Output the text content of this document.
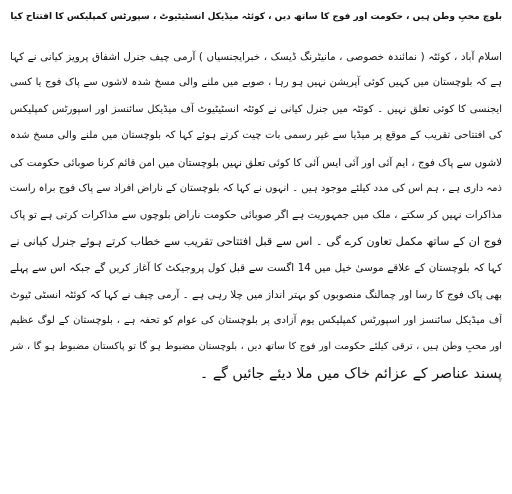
بلوچ محبِ وطن ہیں ، حکومت اور فوج کا ساتھ دیں ، کوئٹہ میڈیکل انسٹیٹیوٹ ، سپورٹس کمپلیکس کا افتتاح کیا
اسلام آباد ، کوئٹہ ( نمائندہ خصوصی ، مانیٹرنگ ڈیسک ، خبرایجنسیاں ) آرمی چیف جنرل اشفاق پرویز کیانی نے کہا
ہے کہ بلوچستان میں کہیں کوئی آپریشن نہیں ہو رہا ، صوبے میں ملنے والی مسخ شدہ لاشوں سے پاک فوج یا کسی
ایجنسی کا کوئی تعلق نہیں ۔ کوئٹہ میں جنرل کیانی نے کوئٹہ انسٹیٹیوٹ آف میڈیکل سائنسز اور اسپورٹس کمپلیکس
کی افتتاحی تقریب کے موقع پر میڈیا سے غیر رسمی بات چیت کرتے ہوئے کہا کہ بلوچستان میں ملنے والی مسخ شدہ
لاشوں سے پاک فوج ، ایم آئی اور آئی ایس آئی کا کوئی تعلق نہیں بلوچستان میں امن قائم کرنا صوبائی حکومت کی
ذمہ داری ہے ، ہم اس کی مدد کیلئے موجود ہیں ۔ انہوں نے کہا کہ بلوچستان کے ناراض افراد سے پاک فوج براہ راست
مذاکرات نہیں کر سکتے ، ملک میں جمہوریت ہے اگر صوبائی حکومت ناراض بلوچوں سے مذاکرات کرتی ہے تو پاک
فوج ان کے ساتھ مکمل تعاون کرے گی ۔ اس سے قبل افتتاحی تقریب سے خطاب کرتے ہوئے جنرل کیانی نے
کہا کہ بلوچستان کے علاقے موسیٰ خیل میں 14 اگست سے قبل کول پروجیکٹ کا آغاز کریں گے جبکہ اس سے پہلے
بھی پاک فوج کا رسا اور چمالنگ منصوبوں کو بہتر انداز میں چلا رہی ہے ۔ آرمی چیف نے کہا کہ کوئٹہ انسٹی ٹیوٹ
آف میڈیکل سائنسز اور اسپورٹس کمپلیکس یوم آزادی پر بلوچستان کی عوام کو تحفہ ہے ، بلوچستان کے لوگ عظیم
اور محبِ وطن ہیں ، ترقی کیلئے حکومت اور فوج کا ساتھ دیں ، بلوچستان مضبوط ہو گا تو پاکستان مضبوط ہو گا ، شر
پسند عناصر کے عزائم خاک میں ملا دیئے جائیں گے ۔
